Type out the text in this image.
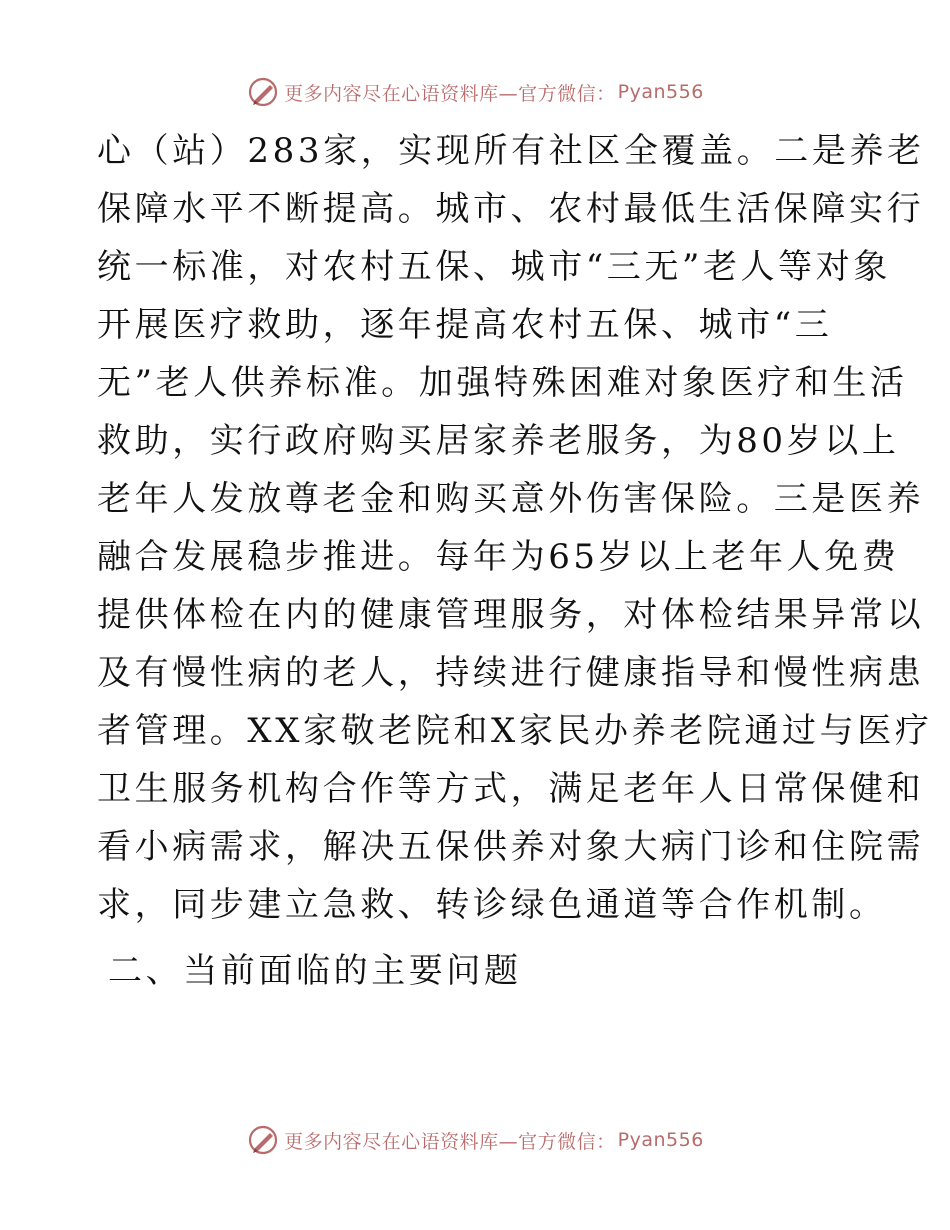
更多内容尽在心语资料库—官方微信： Pyan556
心（站）283家，实现所有社区全覆盖。二是养老
保障水平不断提高。城市、农村最低生活保障实行
统一标准，对农村五保、城市“三无”老人等对象
开展医疗救助，逐年提高农村五保、城市“三
无”老人供养标准。加强特殊困难对象医疗和生活
救助，实行政府购买居家养老服务，为80岁以上
老年人发放尊老金和购买意外伤害保险。三是医养
融合发展稳步推进。每年为65岁以上老年人免费
提供体检在内的健康管理服务，对体检结果异常以
及有慢性病的老人，持续进行健康指导和慢性病患
者管理。XX家敬老院和X家民办养老院通过与医疗
卫生服务机构合作等方式，满足老年人日常保健和
看小病需求，解决五保供养对象大病门诊和住院需
求，同步建立急救、转诊绿色通道等合作机制。
二、当前面临的主要问题
更多内容尽在心语资料库—官方微信： Pyan556
